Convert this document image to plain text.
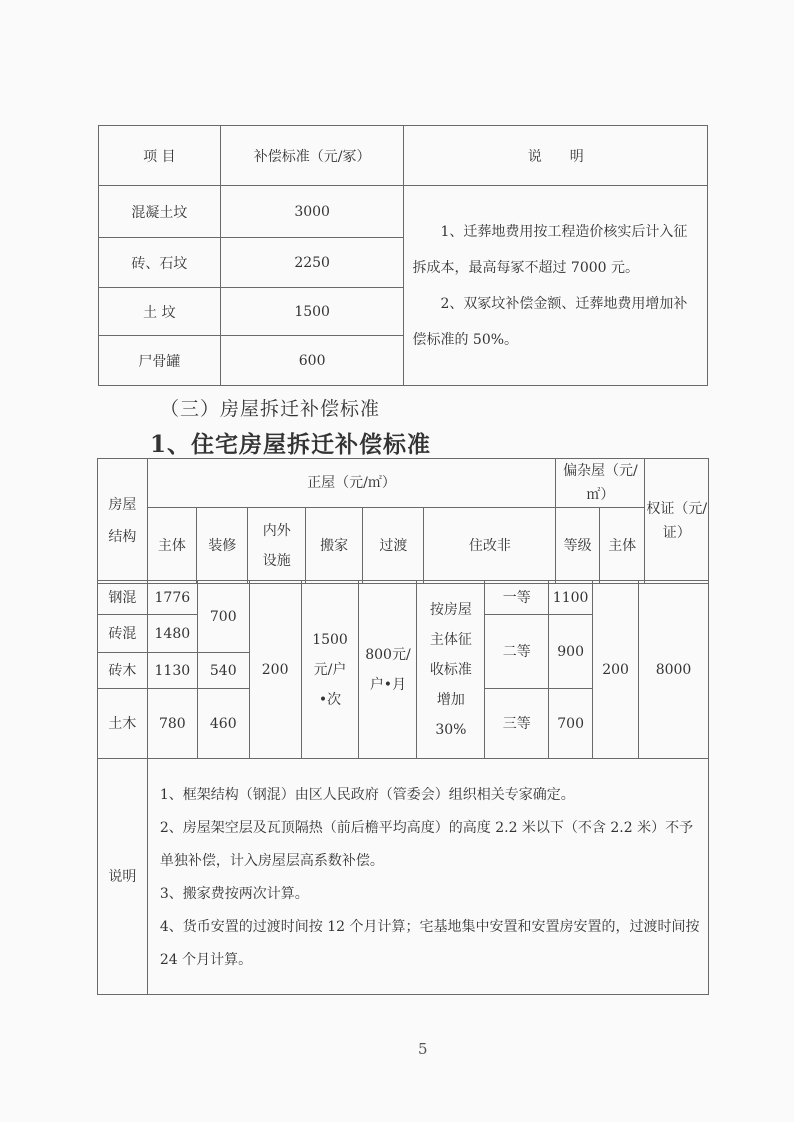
项 目	补偿标准（元/冢）	说　　明
混凝土坟	3000	1、迁葬地费用按工程造价核实后计入征拆成本，最高每冢不超过 7000 元。

2、双冢坟补偿金额、迁葬地费用增加补偿标准的 50%。

砖、石坟	2250	
土 坟	1500	
尸骨罐	600	
（三）房屋拆迁补偿标准
1、住宅房屋拆迁补偿标准
房屋结构	正屋（元/㎡）						偏杂屋（元/㎡）		权证（元/证）
	主体	装修	内外设施	搬家	过渡	住改非	等级	主体	
钢混	1776	700	200	1500元/户•次	800元/户•月	按房屋主体征收标准增加30%	一等	1100	200	8000
砖混	1480						二等	900		
砖木	1130	540								
土木	780	460					三等	700		
说明	1、框架结构（钢混）由区人民政府（管委会）组织相关专家确定。

2、房屋架空层及瓦顶隔热（前后檐平均高度）的高度 2.2 米以下（不含 2.2 米）不予单独补偿，计入房屋层高系数补偿。

3、搬家费按两次计算。

4、货币安置的过渡时间按 12 个月计算；宅基地集中安置和安置房安置的，过渡时间按 24 个月计算。									

5
